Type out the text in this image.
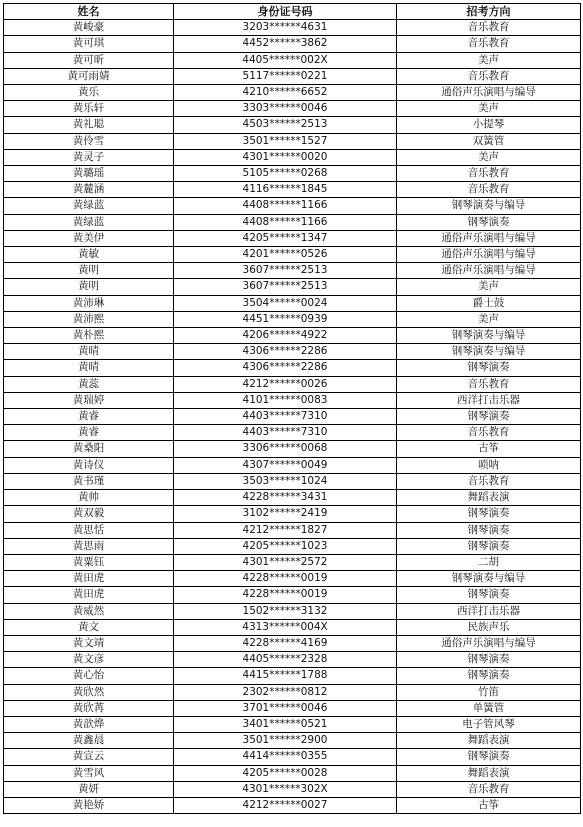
姓名	身份证号码	招考方向
黄峻豪	3203******4631	音乐教育
黄可琪	4452******3862	音乐教育
黄可昕	4405******002X	美声
黄可雨婧	5117******0221	音乐教育
黄乐	4210******6652	通俗声乐演唱与编导
黄乐轩	3303******0046	美声
黄礼聪	4503******2513	小提琴
黄伶雪	3501******1527	双簧管
黄灵子	4301******0020	美声
黄璐瑶	5105******0268	音乐教育
黄麓涵	4116******1845	音乐教育
黄绿蓝	4408******1166	钢琴演奏与编导
黄绿蓝	4408******1166	钢琴演奏
黄美伊	4205******1347	通俗声乐演唱与编导
黄敏	4201******0526	通俗声乐演唱与编导
黄明	3607******2513	通俗声乐演唱与编导
黄明	3607******2513	美声
黄沛琳	3504******0024	爵士鼓
黄沛熙	4451******0939	美声
黄朴熙	4206******4922	钢琴演奏与编导
黄晴	4306******2286	钢琴演奏与编导
黄晴	4306******2286	钢琴演奏
黄蕊	4212******0026	音乐教育
黄瑞婷	4101******0083	西洋打击乐器
黄睿	4403******7310	钢琴演奏
黄睿	4403******7310	音乐教育
黄桑阳	3306******0068	古筝
黄诗仪	4307******0049	唢呐
黄书瑾	3503******1024	音乐教育
黄帅	4228******3431	舞蹈表演
黄双毅	3102******2419	钢琴演奏
黄思恬	4212******1827	钢琴演奏
黄思雨	4205******1023	钢琴演奏
黄粟钰	4301******2572	二胡
黄田虎	4228******0019	钢琴演奏与编导
黄田虎	4228******0019	钢琴演奏
黄威然	1502******3132	西洋打击乐器
黄文	4313******004X	民族声乐
黄文靖	4228******4169	通俗声乐演唱与编导
黄文彦	4405******2328	钢琴演奏
黄心怡	4415******1788	钢琴演奏
黄欣然	2302******0812	竹笛
黄欣苒	3701******0046	单簧管
黄歆烨	3401******0521	电子管风琴
黄鑫晨	3501******2900	舞蹈表演
黄宣云	4414******0355	钢琴演奏
黄雪风	4205******0028	舞蹈表演
黄妍	4301******302X	音乐教育
黄艳娇	4212******0027	古筝
